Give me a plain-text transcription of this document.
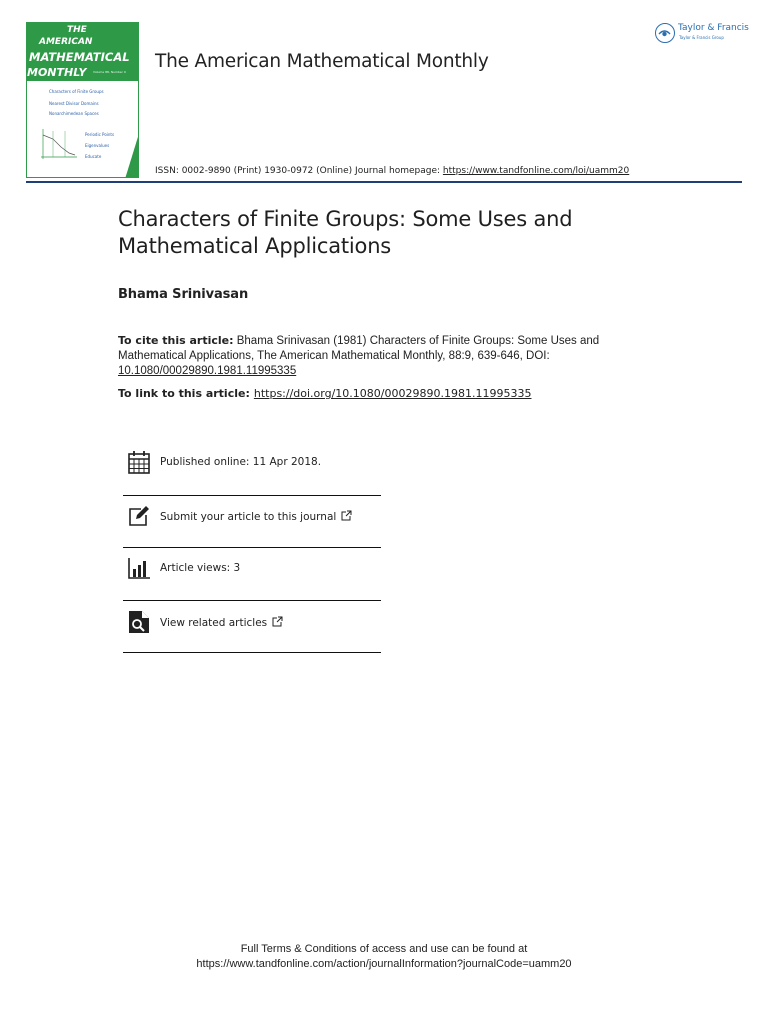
THE
AMERICAN
MATHEMATICAL
MONTHLY Volume 88, Number 9
Characters of Finite Groups
Nearest Divisor Domains
Nonarchimedean Spaces
Periodic Points
Eigenvalues
Educate
The American Mathematical Monthly
Taylor & Francis
Taylor & Francis Group
ISSN: 0002-9890 (Print) 1930-0972 (Online) Journal homepage: https://www.tandfonline.com/loi/uamm20
Characters of Finite Groups: Some Uses and Mathematical Applications
Bhama Srinivasan
To cite this article: Bhama Srinivasan (1981) Characters of Finite Groups: Some Uses and Mathematical Applications, The American Mathematical Monthly, 88:9, 639-646, DOI: 10.1080/00029890.1981.11995335
To link to this article: https://doi.org/10.1080/00029890.1981.11995335
Published online: 11 Apr 2018.
Submit your article to this journal
Article views: 3
View related articles
Full Terms & Conditions of access and use can be found at
https://www.tandfonline.com/action/journalInformation?journalCode=uamm20
